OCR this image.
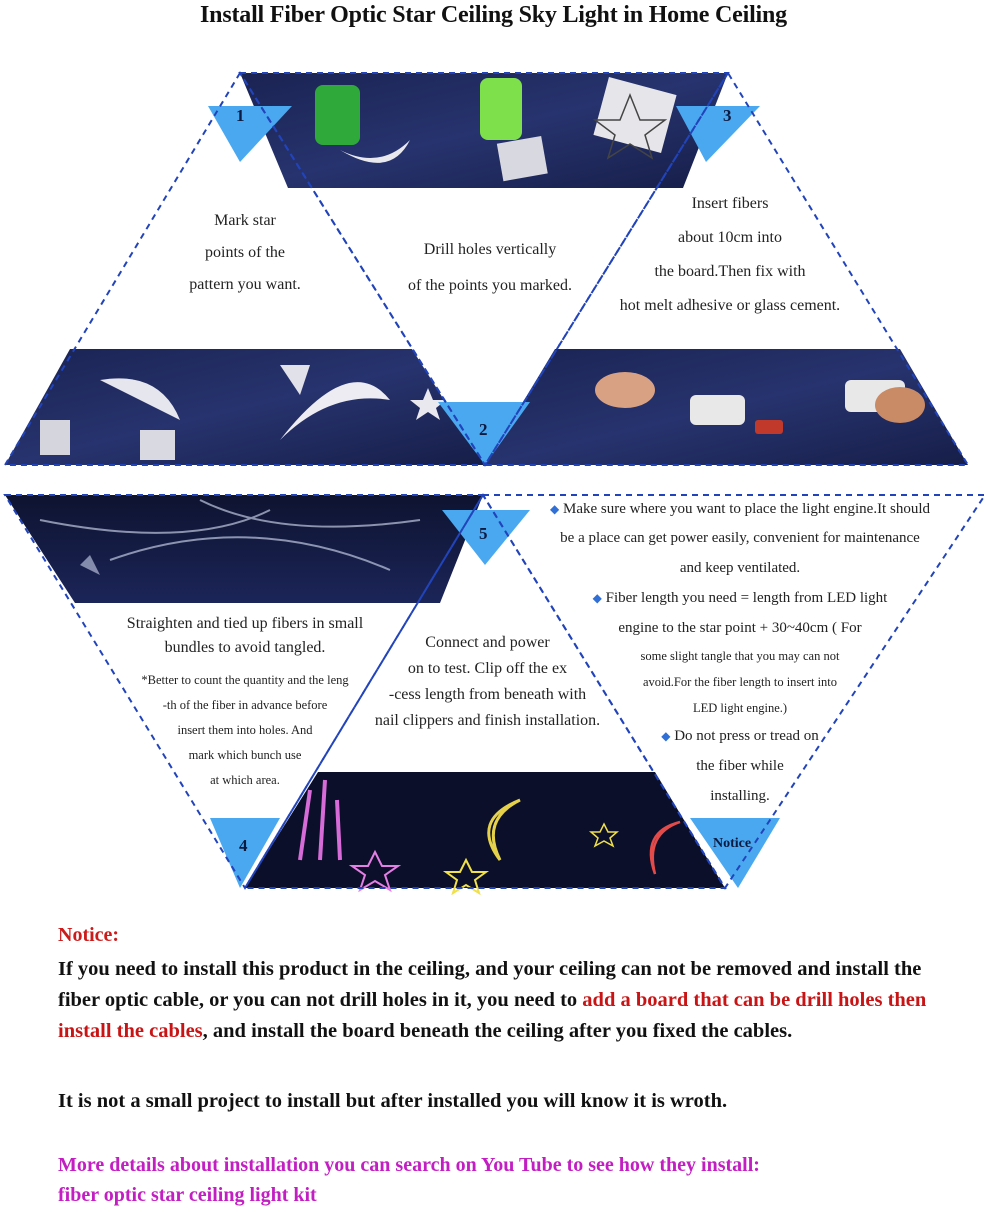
Install Fiber Optic Star Ceiling Sky Light in Home Ceiling
1
2
3
4
5
Notice
Mark star
points of the
pattern you want.
Drill holes vertically
of the points you marked.
Insert fibers
about 10cm into
the board.Then fix with
hot melt adhesive or glass cement.
Straighten and tied up fibers in small
bundles to avoid tangled.
*Better to count the quantity and the leng
-th of the fiber in advance before
insert them into holes. And
mark which bunch use
at which area.
Connect and power
on to test. Clip off the ex
-cess length from beneath with
nail clippers and finish installation.
◆ Make sure where you want to place the light engine.It should
be a place can get power easily, convenient for maintenance
and keep ventilated.
◆ Fiber length you need = length from LED light
engine to the star point + 30~40cm ( For
some slight tangle that you may can not
avoid.For the fiber length to insert into
LED light engine.)
◆ Do not press or tread on
the fiber while
installing.
Notice:
If you need to install this product in the ceiling, and your ceiling can not be removed and install the fiber optic cable, or you can not drill holes in it, you need to add a board that can be drill holes then install the cables, and install the board beneath the ceiling after you fixed the cables.
It is not a small project to install but after installed you will know it is wroth.
More details about installation you can search on You Tube to see how they install:
fiber optic star ceiling light kit
